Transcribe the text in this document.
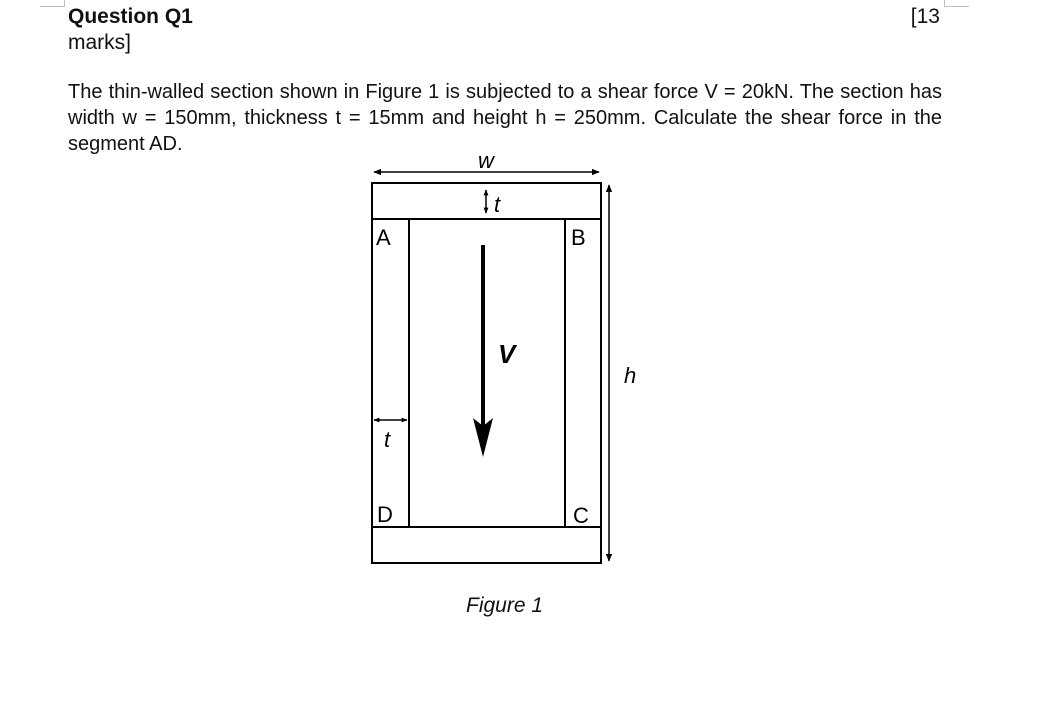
Question Q1
marks]
[13

The thin-walled section shown in Figure 1 is subjected to a shear force V = 20kN. The section has width w = 150mm, thickness t = 15mm and height h = 250mm. Calculate the shear force in the segment AD.

w
t
h
t
V
A	B
C
D
Figure 1
